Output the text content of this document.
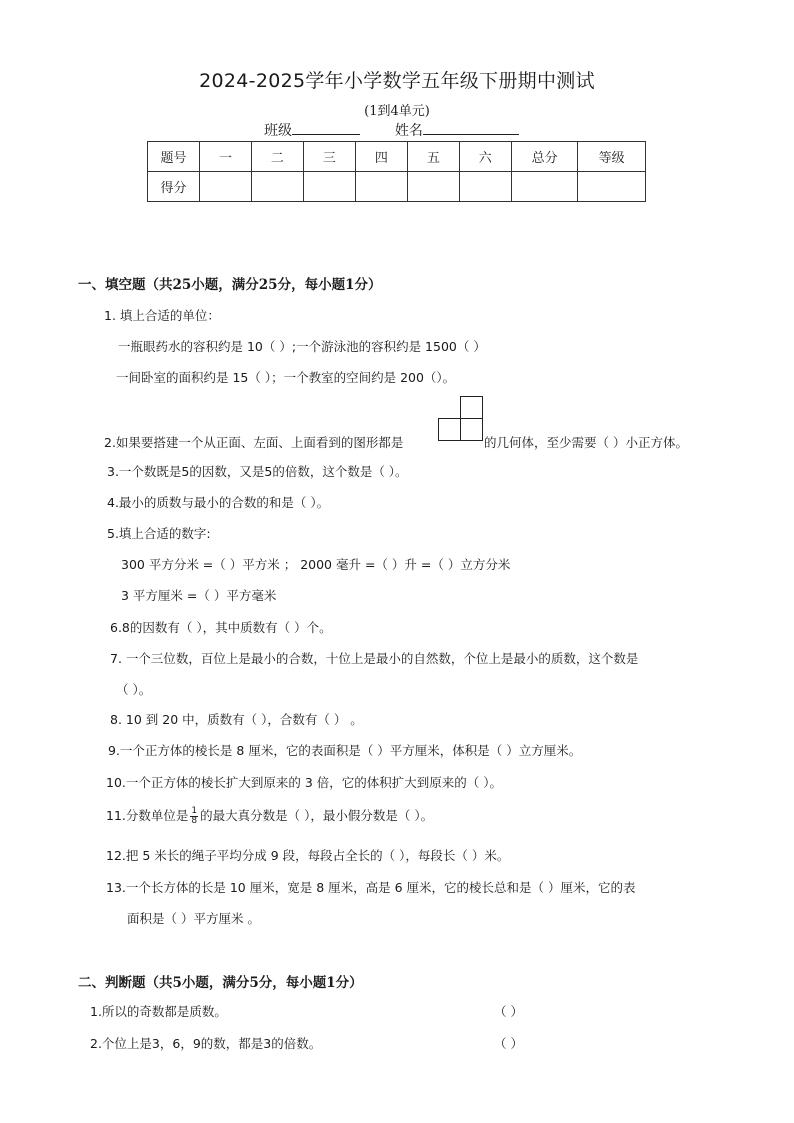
2024-2025学年小学数学五年级下册期中测试
(1到4单元)
班级	姓名
题号	一	二	三	四	五	六	总分	等级
得分								
一、填空题（共25小题，满分25分，每小题1分）
1. 填上合适的单位：
一瓶眼药水的容积约是 10（ ）;一个游泳池的容积约是 1500（ ）
一间卧室的面积约是 15（ ）；一个教室的空间约是 200（）。
2.如果要搭建一个从正面、左面、上面看到的图形都是	的几何体，至少需要（ ）小正方体。
3.一个数既是5的因数，又是5的倍数，这个数是（ ）。
4.最小的质数与最小的合数的和是（ ）。
5.填上合适的数字:
300 平方分米 =（ ）平方米 ； 2000 毫升 =（ ）升 =（ ）立方分米
3 平方厘米 =（ ）平方毫米
6.8的因数有（ ），其中质数有（ ）个。
7. 一个三位数，百位上是最小的合数，十位上是最小的自然数，个位上是最小的质数，这个数是
（ ）。
8. 10 到 20 中，质数有（ ），合数有（ ） 。
9.一个正方体的棱长是 8 厘米，它的表面积是（ ）平方厘米，体积是（ ）立方厘米。
10.一个正方体的棱长扩大到原来的 3 倍，它的体积扩大到原来的（ ）。
11.分数单位是 $\frac{1}{8}$ 的最大真分数是（ ），最小假分数是（ ）。
12.把 5 米长的绳子平均分成 9 段，每段占全长的（ ），每段长（ ）米。
13.一个长方体的长是 10 厘米，宽是 8 厘米，高是 6 厘米，它的棱长总和是（ ）厘米，它的表
面积是（ ）平方厘米 。
二、判断题（共5小题，满分5分，每小题1分）
1.所以的奇数都是质数。	（ ）
2.个位上是3，6，9的数，都是3的倍数。	（ ）
